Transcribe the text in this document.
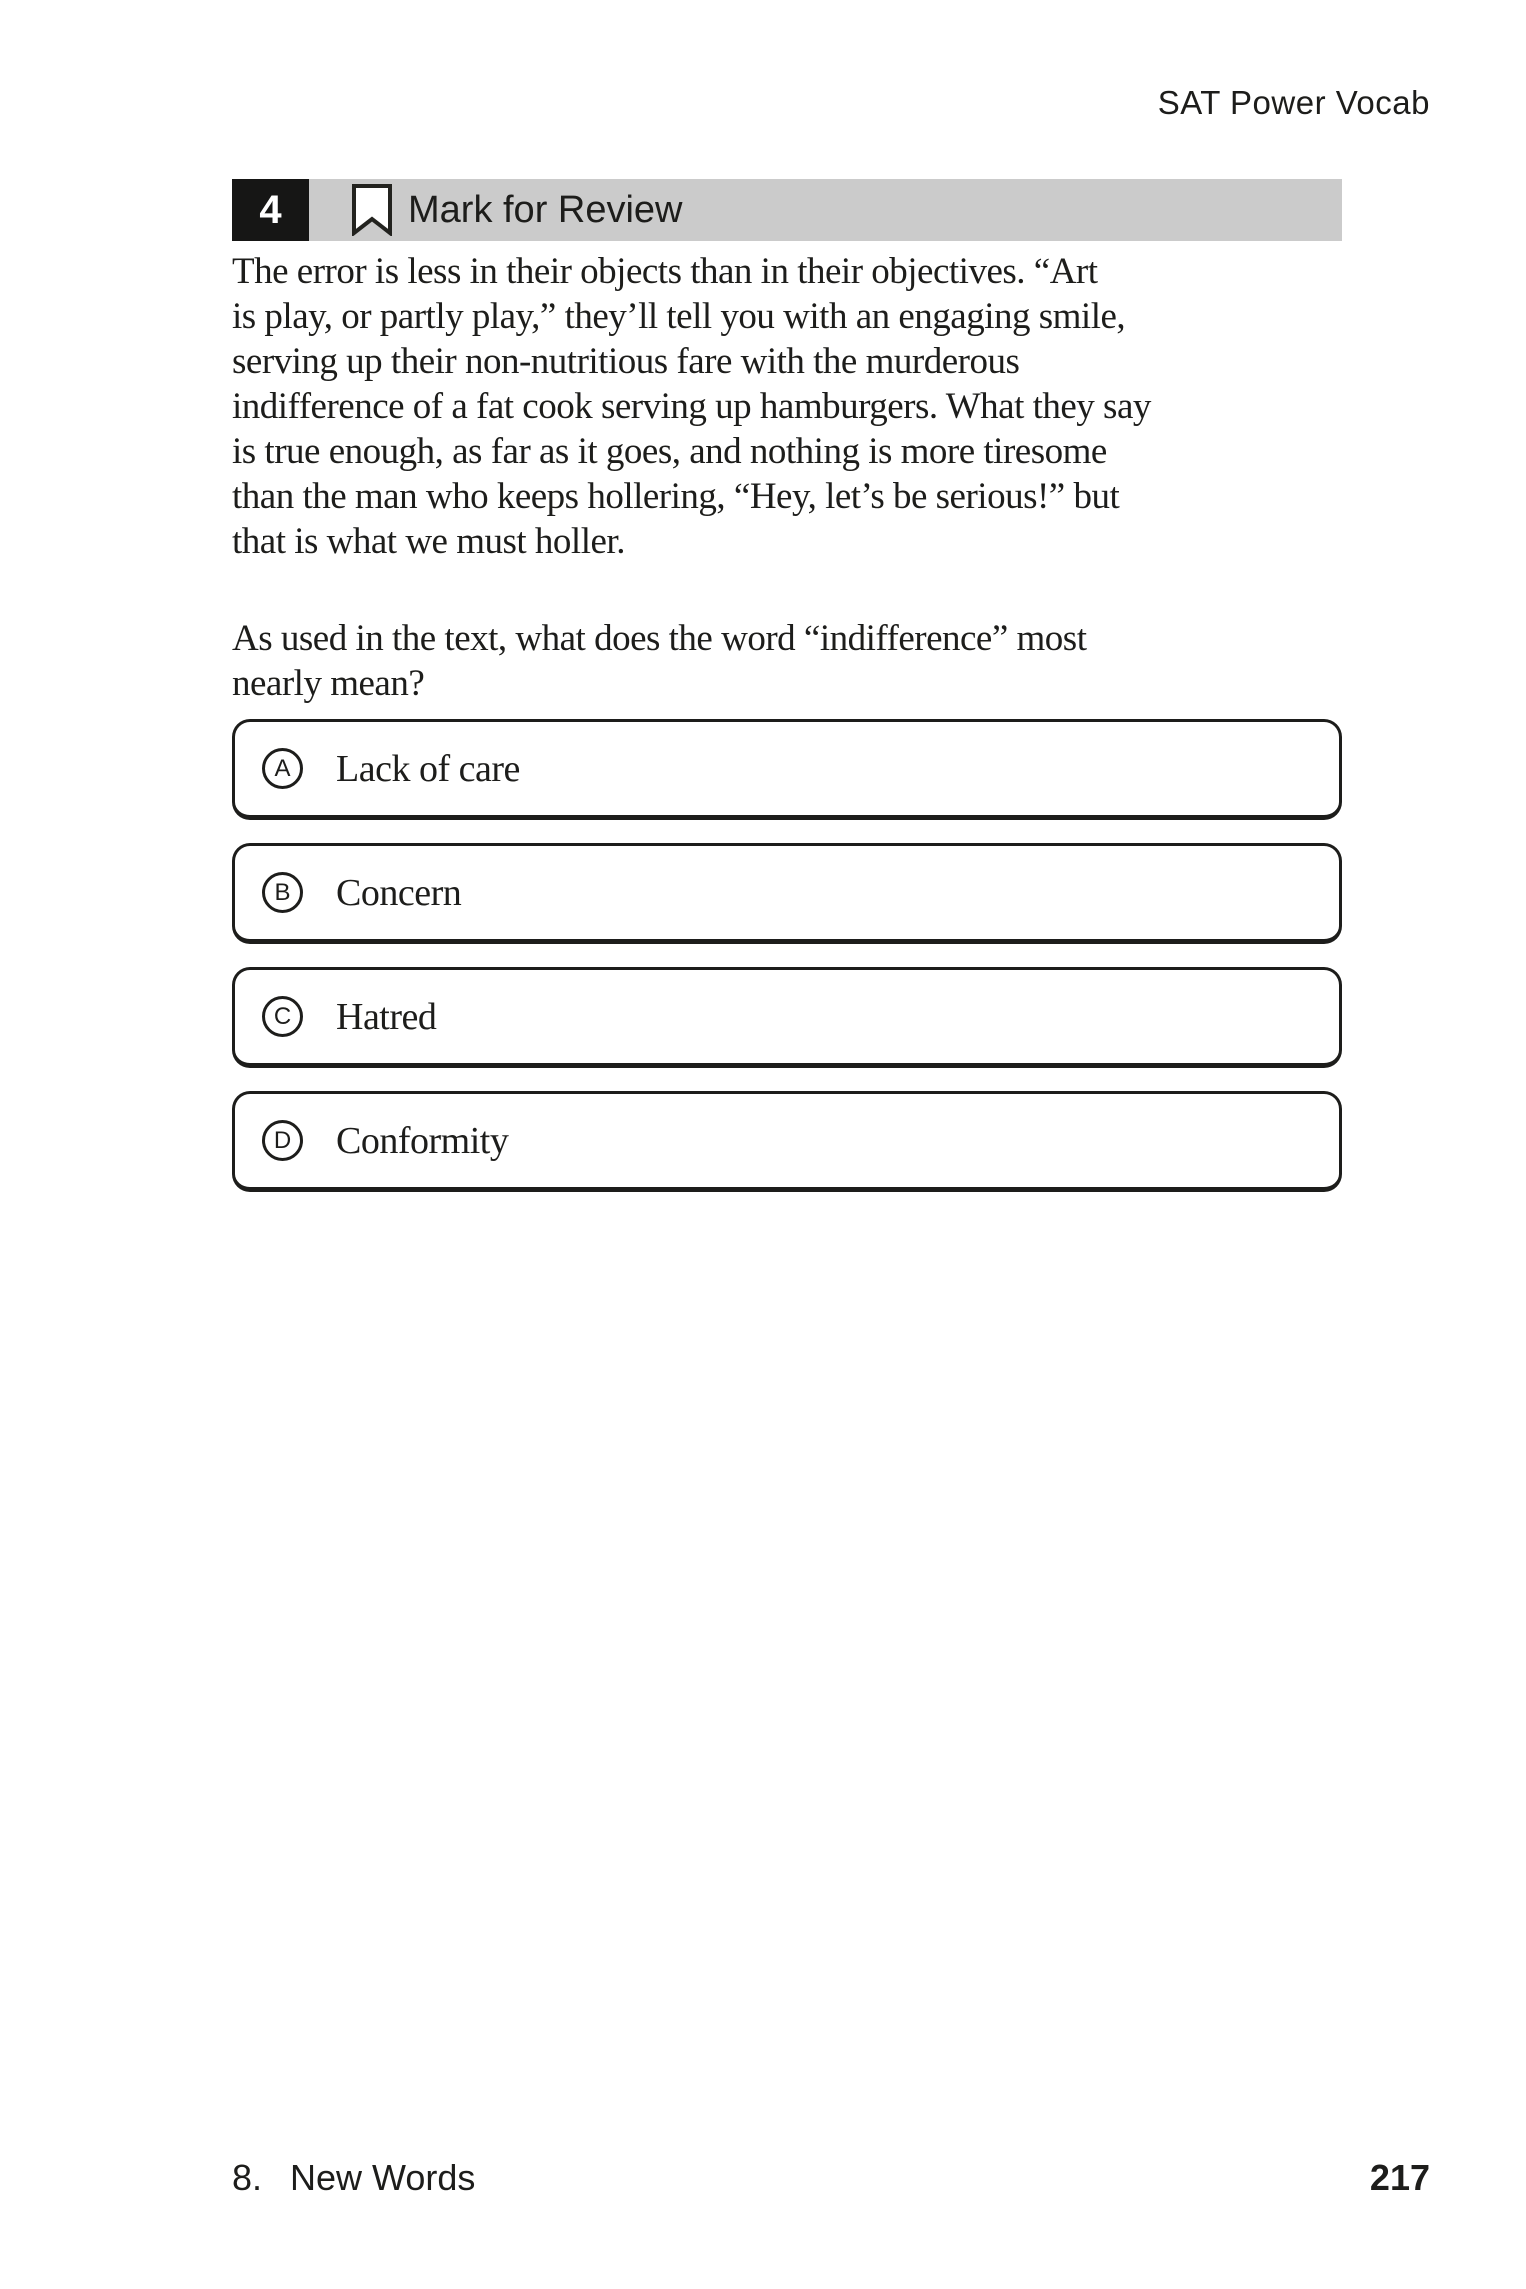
SAT Power Vocab
4	Mark for Review
The error is less in their objects than in their objectives. “Art
is play, or partly play,” they’ll tell you with an engaging smile,
serving up their non-nutritious fare with the murderous
indifference of a fat cook serving up hamburgers. What they say
is true enough, as far as it goes, and nothing is more tiresome
than the man who keeps hollering, “Hey, let’s be serious!” but
that is what we must holler.
As used in the text, what does the word “indifference” most
nearly mean?
A	Lack of care
B	Concern
C	Hatred
D	Conformity
8. New Words	217
